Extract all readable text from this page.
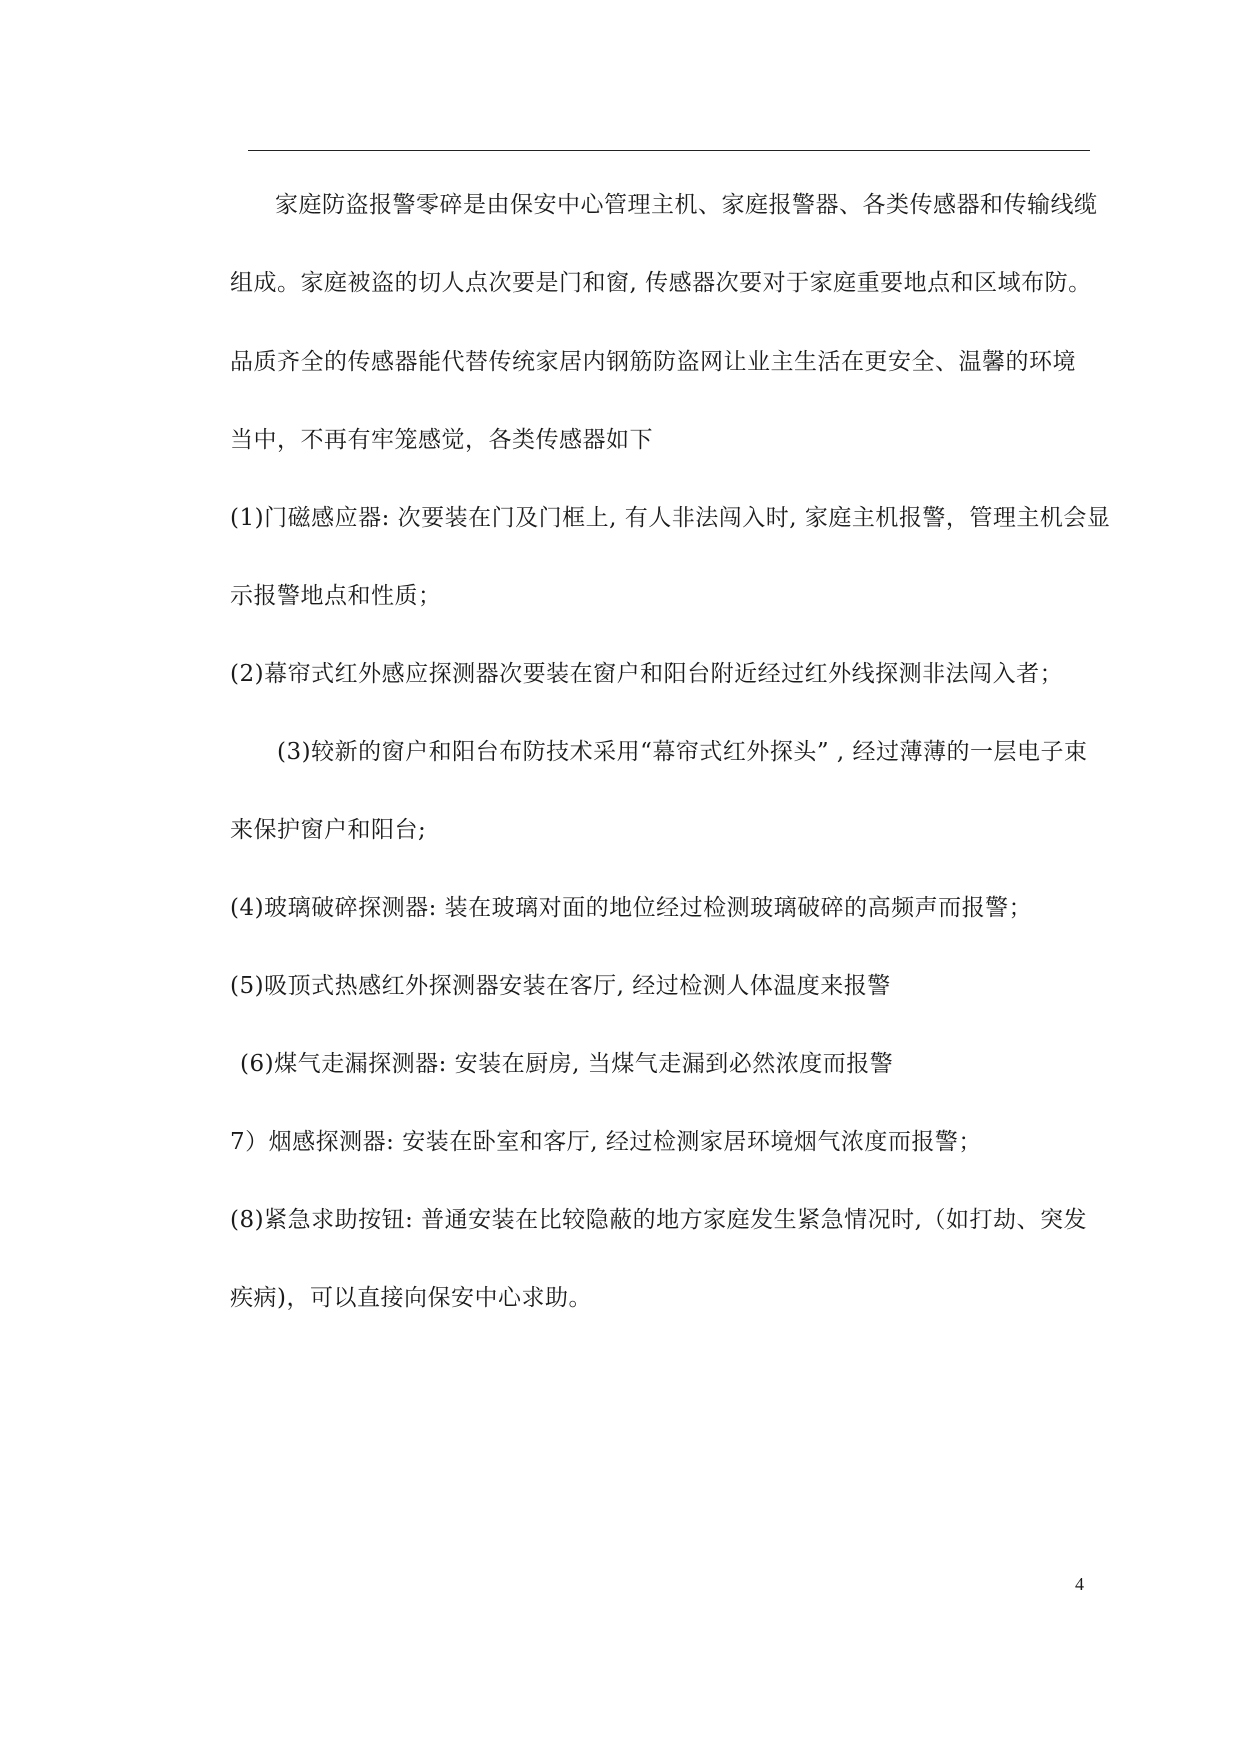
家庭防盗报警零碎是由保安中心管理主机、家庭报警器、各类传感器和传输线缆
组成。家庭被盗的切人点次要是门和窗, 传感器次要对于家庭重要地点和区域布防。
品质齐全的传感器能代替传统家居内钢筋防盗网让业主生活在更安全、温馨的环境
当中，不再有牢笼感觉，各类传感器如下
(1)门磁感应器: 次要装在门及门框上, 有人非法闯入时, 家庭主机报警，管理主机会显
示报警地点和性质；
(2)幕帘式红外感应探测器次要装在窗户和阳台附近经过红外线探测非法闯入者；
(3)较新的窗户和阳台布防技术采用“幕帘式红外探头” , 经过薄薄的一层电子束
来保护窗户和阳台;
(4)玻璃破碎探测器: 装在玻璃对面的地位经过检测玻璃破碎的高频声而报警；
(5)吸顶式热感红外探测器安装在客厅, 经过检测人体温度来报警
(6)煤气走漏探测器: 安装在厨房, 当煤气走漏到必然浓度而报警
7）烟感探测器: 安装在卧室和客厅, 经过检测家居环境烟气浓度而报警；
(8)紧急求助按钮: 普通安装在比较隐蔽的地方家庭发生紧急情况时,（如打劫、突发
疾病)，可以直接向保安中心求助。
4
